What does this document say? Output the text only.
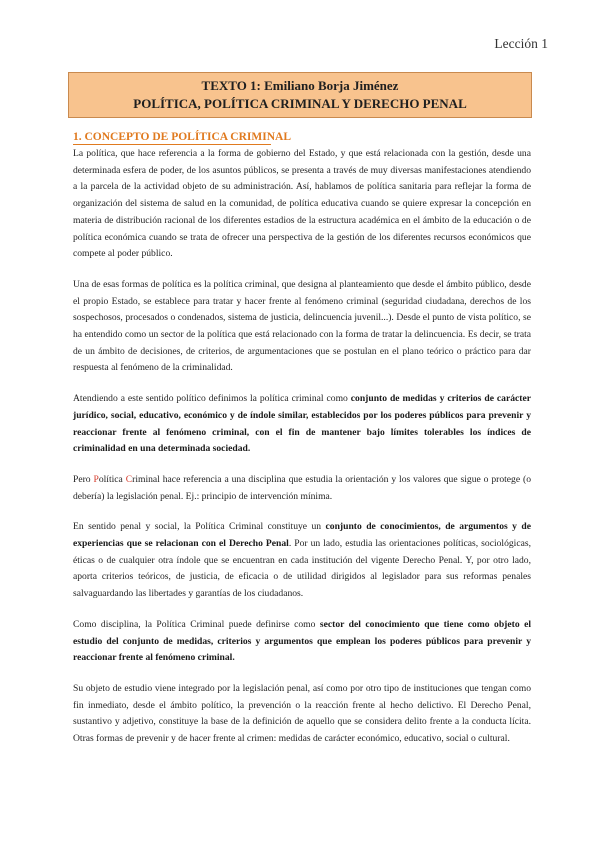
Lección 1
TEXTO 1: Emiliano Borja Jiménez
POLÍTICA, POLÍTICA CRIMINAL Y DERECHO PENAL
1. CONCEPTO DE POLÍTICA CRIMINAL

La política, que hace referencia a la forma de gobierno del Estado, y que está relacionada con la gestión, desde una determinada esfera de poder, de los asuntos públicos, se presenta a través de muy diversas manifestaciones atendiendo a la parcela de la actividad objeto de su administración. Así, hablamos de política sanitaria para reflejar la forma de organización del sistema de salud en la comunidad, de política educativa cuando se quiere expresar la concepción en materia de distribución racional de los diferentes estadios de la estructura académica en el ámbito de la educación o de política económica cuando se trata de ofrecer una perspectiva de la gestión de los diferentes recursos económicos que compete al poder público.

Una de esas formas de política es la política criminal, que designa al planteamiento que desde el ámbito público, desde el propio Estado, se establece para tratar y hacer frente al fenómeno criminal (seguridad ciudadana, derechos de los sospechosos, procesados o condenados, sistema de justicia, delincuencia juvenil...). Desde el punto de vista político, se ha entendido como un sector de la política que está relacionado con la forma de tratar la delincuencia. Es decir, se trata de un ámbito de decisiones, de criterios, de argumentaciones que se postulan en el plano teórico o práctico para dar respuesta al fenómeno de la criminalidad.

Atendiendo a este sentido político definimos la política criminal como conjunto de medidas y criterios de carácter jurídico, social, educativo, económico y de índole similar, establecidos por los poderes públicos para prevenir y reaccionar frente al fenómeno criminal, con el fin de mantener bajo límites tolerables los índices de criminalidad en una determinada sociedad.

Pero Política Criminal hace referencia a una disciplina que estudia la orientación y los valores que sigue o protege (o debería) la legislación penal. Ej.: principio de intervención mínima.

En sentido penal y social, la Política Criminal constituye un conjunto de conocimientos, de argumentos y de experiencias que se relacionan con el Derecho Penal. Por un lado, estudia las orientaciones políticas, sociológicas, éticas o de cualquier otra índole que se encuentran en cada institución del vigente Derecho Penal. Y, por otro lado, aporta criterios teóricos, de justicia, de eficacia o de utilidad dirigidos al legislador para sus reformas penales salvaguardando las libertades y garantías de los ciudadanos.

Como disciplina, la Política Criminal puede definirse como sector del conocimiento que tiene como objeto el estudio del conjunto de medidas, criterios y argumentos que emplean los poderes públicos para prevenir y reaccionar frente al fenómeno criminal.

Su objeto de estudio viene integrado por la legislación penal, así como por otro tipo de instituciones que tengan como fin inmediato, desde el ámbito político, la prevención o la reacción frente al hecho delictivo. El Derecho Penal, sustantivo y adjetivo, constituye la base de la definición de aquello que se considera delito frente a la conducta lícita. Otras formas de prevenir y de hacer frente al crimen: medidas de carácter económico, educativo, social o cultural.
